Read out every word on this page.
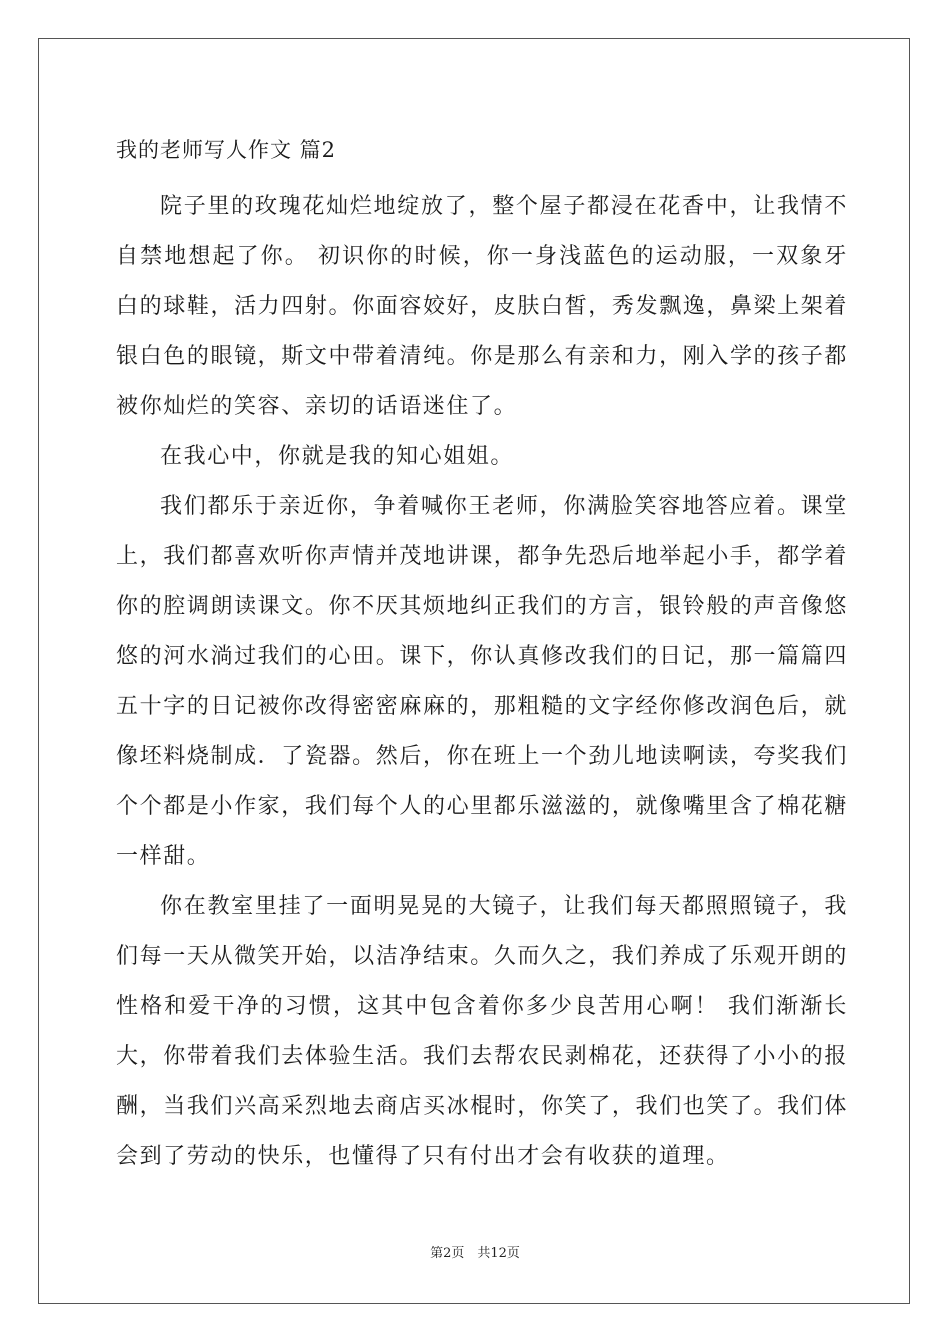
我的老师写人作文 篇2

院子里的玫瑰花灿烂地绽放了，整个屋子都浸在花香中，让我情不自禁地想起了你。 初识你的时候，你一身浅蓝色的运动服，一双象牙白的球鞋，活力四射。你面容姣好，皮肤白皙，秀发飘逸，鼻梁上架着银白色的眼镜，斯文中带着清纯。你是那么有亲和力，刚入学的孩子都被你灿烂的笑容、亲切的话语迷住了。

在我心中，你就是我的知心姐姐。

我们都乐于亲近你，争着喊你王老师，你满脸笑容地答应着。课堂上，我们都喜欢听你声情并茂地讲课，都争先恐后地举起小手，都学着你的腔调朗读课文。你不厌其烦地纠正我们的方言，银铃般的声音像悠悠的河水淌过我们的心田。课下，你认真修改我们的日记，那一篇篇四五十字的日记被你改得密密麻麻的，那粗糙的文字经你修改润色后，就像坯料烧制成．了瓷器。然后，你在班上一个劲儿地读啊读，夸奖我们个个都是小作家，我们每个人的心里都乐滋滋的，就像嘴里含了棉花糖一样甜。

你在教室里挂了一面明晃晃的大镜子，让我们每天都照照镜子，我们每一天从微笑开始，以洁净结束。久而久之，我们养成了乐观开朗的性格和爱干净的习惯，这其中包含着你多少良苦用心啊！ 我们渐渐长大，你带着我们去体验生活。我们去帮农民剥棉花，还获得了小小的报酬，当我们兴高采烈地去商店买冰棍时，你笑了，我们也笑了。我们体会到了劳动的快乐，也懂得了只有付出才会有收获的道理。

第2页　共12页
